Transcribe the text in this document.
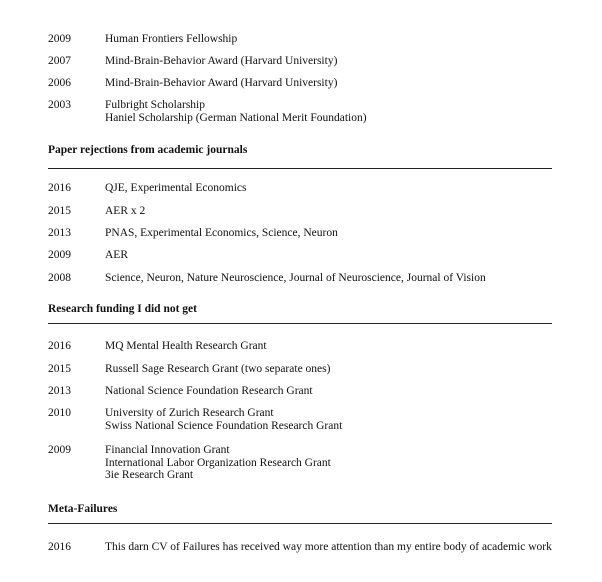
2009	Human Frontiers Fellowship
2007	Mind-Brain-Behavior Award (Harvard University)
2006	Mind-Brain-Behavior Award (Harvard University)
2003	Fulbright Scholarship
Haniel Scholarship (German National Merit Foundation)
Paper rejections from academic journals
2016	QJE, Experimental Economics
2015	AER x 2
2013	PNAS, Experimental Economics, Science, Neuron
2009	AER
2008	Science, Neuron, Nature Neuroscience, Journal of Neuroscience, Journal of Vision
Research funding I did not get
2016	MQ Mental Health Research Grant
2015	Russell Sage Research Grant (two separate ones)
2013	National Science Foundation Research Grant
2010	University of Zurich Research Grant
Swiss National Science Foundation Research Grant
2009	Financial Innovation Grant
International Labor Organization Research Grant
3ie Research Grant
Meta-Failures
2016	This darn CV of Failures has received way more attention than my entire body of academic work
